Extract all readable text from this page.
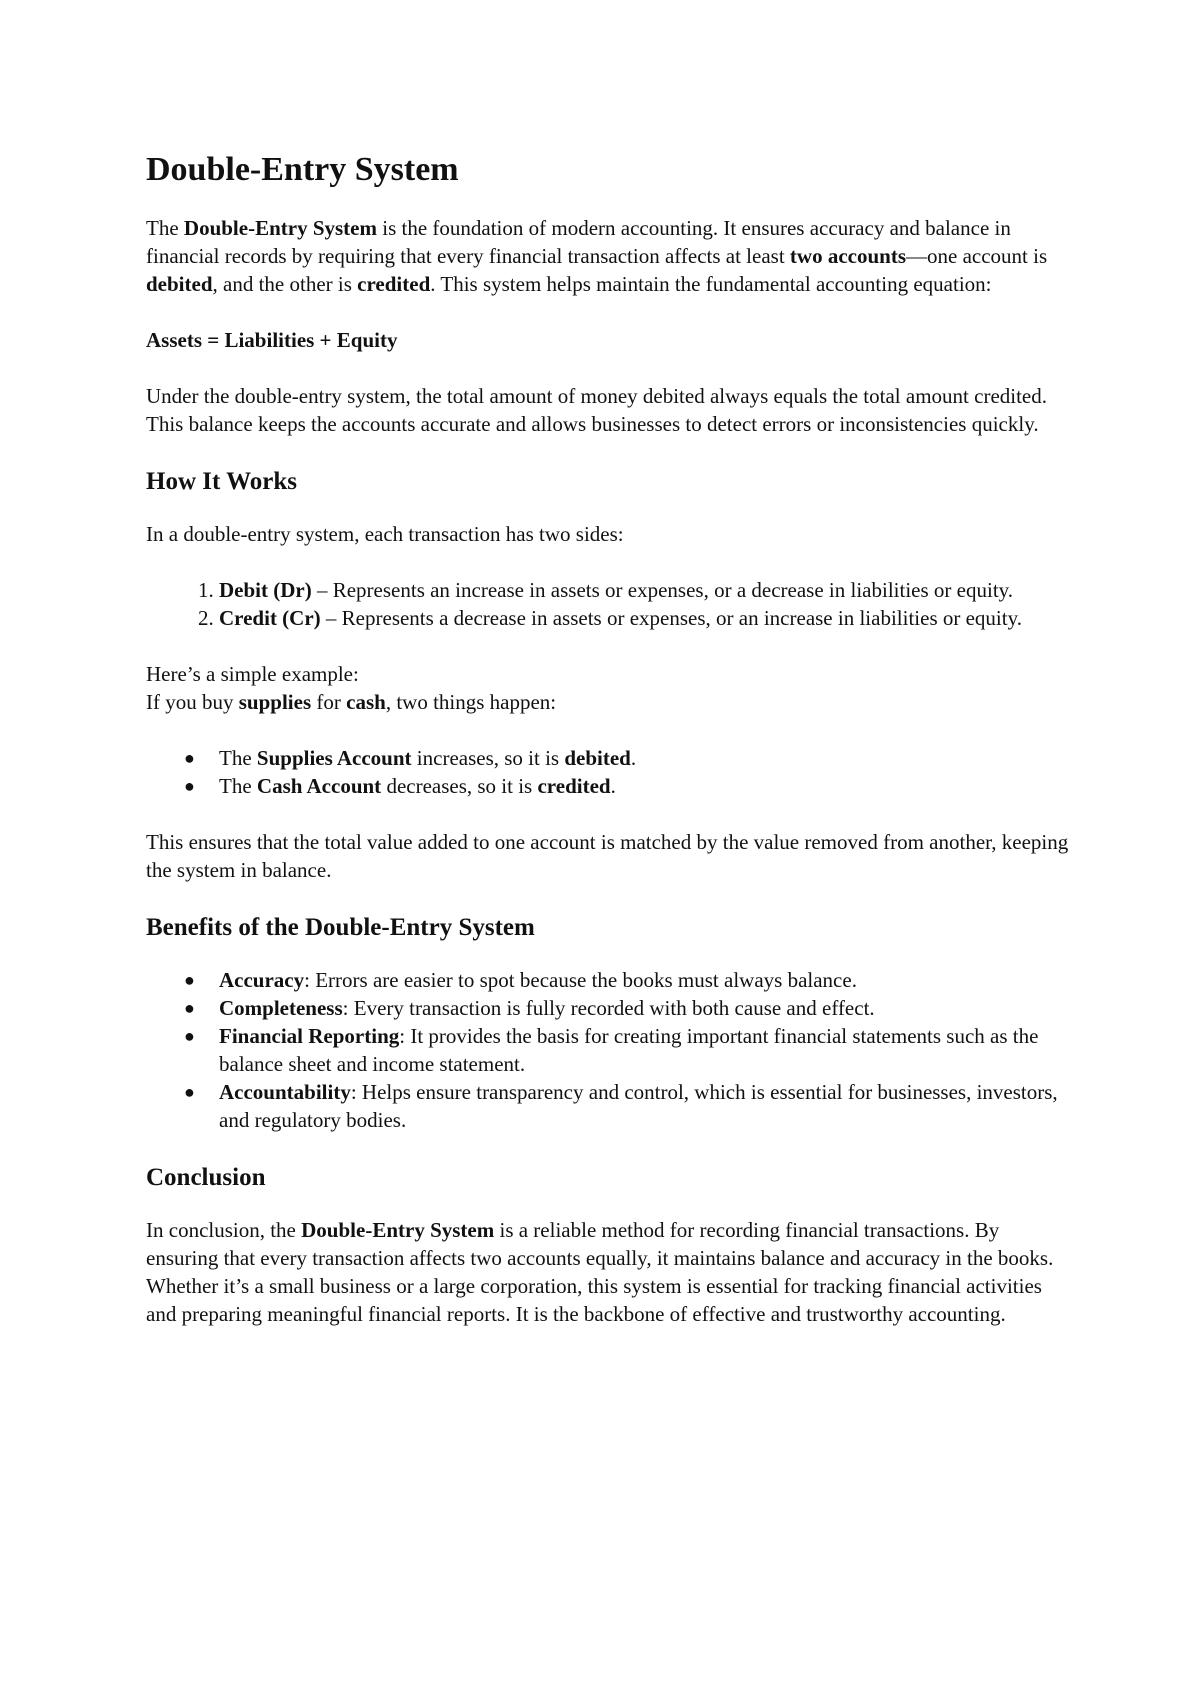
Double-Entry System

The Double-Entry System is the foundation of modern accounting. It ensures accuracy and balance in financial records by requiring that every financial transaction affects at least two accounts—one account is debited, and the other is credited. This system helps maintain the fundamental accounting equation:

Assets = Liabilities + Equity

Under the double-entry system, the total amount of money debited always equals the total amount credited. This balance keeps the accounts accurate and allows businesses to detect errors or inconsistencies quickly.

How It Works

In a double-entry system, each transaction has two sides:

1. Debit (Dr) – Represents an increase in assets or expenses, or a decrease in liabilities or equity.
2. Credit (Cr) – Represents a decrease in assets or expenses, or an increase in liabilities or equity.

Here’s a simple example:

If you buy supplies for cash, two things happen:

● The Supplies Account increases, so it is debited.
● The Cash Account decreases, so it is credited.

This ensures that the total value added to one account is matched by the value removed from another, keeping the system in balance.

Benefits of the Double-Entry System
● Accuracy: Errors are easier to spot because the books must always balance.
● Completeness: Every transaction is fully recorded with both cause and effect.
● Financial Reporting: It provides the basis for creating important financial statements such as the balance sheet and income statement.
● Accountability: Helps ensure transparency and control, which is essential for businesses, investors, and regulatory bodies.
Conclusion

In conclusion, the Double-Entry System is a reliable method for recording financial transactions. By ensuring that every transaction affects two accounts equally, it maintains balance and accuracy in the books. Whether it’s a small business or a large corporation, this system is essential for tracking financial activities and preparing meaningful financial reports. It is the backbone of effective and trustworthy accounting.
